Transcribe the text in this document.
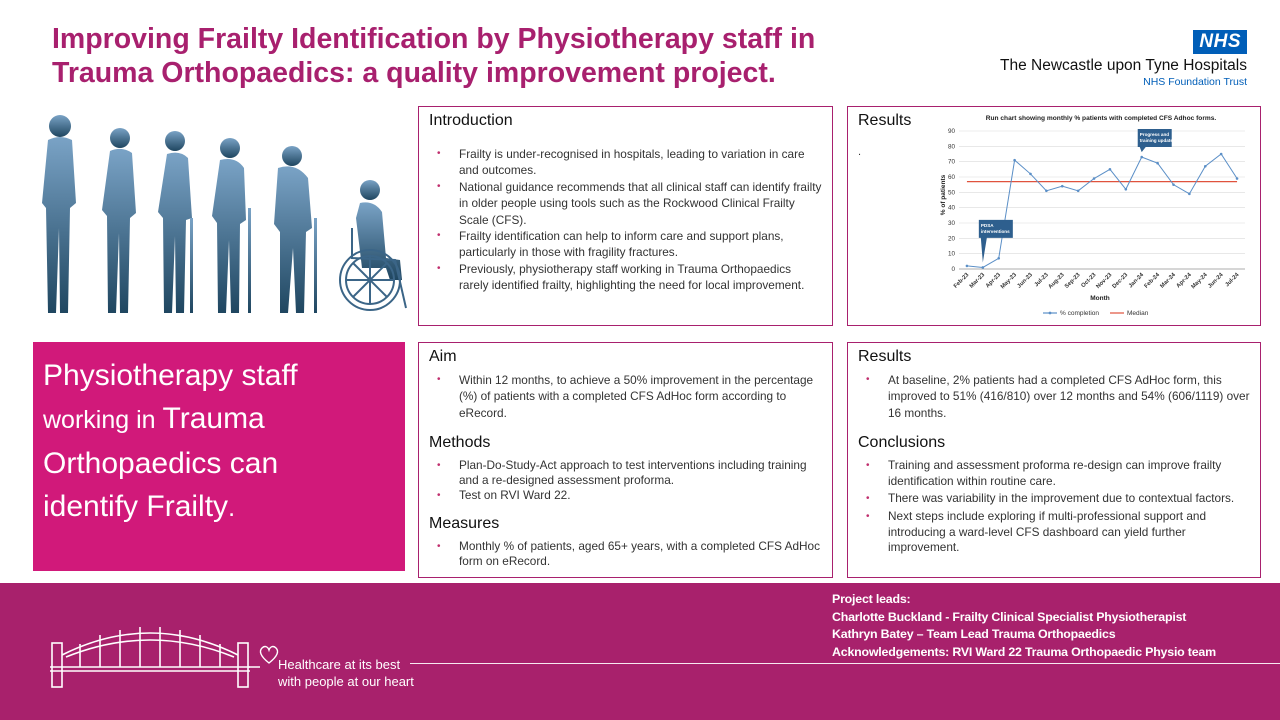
Improving Frailty Identification by Physiotherapy staff in
Trauma Orthopaedics: a quality improvement project.
NHS
The Newcastle upon Tyne Hospitals
NHS Foundation Trust
Introduction
• Frailty is under-recognised in hospitals, leading to variation in care and outcomes.
• National guidance recommends that all clinical staff can identify frailty in older people using tools such as the Rockwood Clinical Frailty Scale (CFS).
• Frailty identification can help to inform care and support plans, particularly in those with fragility fractures.
• Previously, physiotherapy staff working in Trauma Orthopaedics rarely identified frailty, highlighting the need for local improvement.
Results
.
Run chart showing monthly % patients with completed CFS Adhoc forms.
% of patients
Month
0
10
20
30
40
50
60
70
80
90
Feb-23
Mar-23
Apr-23
May-23
Jun-23 Jul-23
Aug-23
Sep-23
Oct-23
Nov-23
Dec-23
Jan-24
Feb-24
Mar-24
Apr-24
May-24
Jun-24 Jul-24
PDSA
interventions
Progress and
training update
% completion	Median
Physiotherapy staff
working in Trauma
Orthopaedics can
identify Frailty.
Aim
• Within 12 months, to achieve a 50% improvement in the percentage (%) of patients with a completed CFS AdHoc form according to eRecord.
Methods
• Plan-Do-Study-Act approach to test interventions including training and a re-designed assessment proforma.
• Test on RVI Ward 22.
Measures
• Monthly % of patients, aged 65+ years, with a completed CFS AdHoc form on eRecord.
Results
• At baseline, 2% patients had a completed CFS AdHoc form, this improved to 51% (416/810) over 12 months and 54% (606/1119) over 16 months.
Conclusions
• Training and assessment proforma re-design can improve frailty identification within routine care.
• There was variability in the improvement due to contextual factors.
• Next steps include exploring if multi-professional support and introducing a ward-level CFS dashboard can yield further improvement.
Healthcare at its best
with people at our heart
Project leads:
Charlotte Buckland - Frailty Clinical Specialist Physiotherapist
Kathryn Batey – Team Lead Trauma Orthopaedics
Acknowledgements: RVI Ward 22 Trauma Orthopaedic Physio team
